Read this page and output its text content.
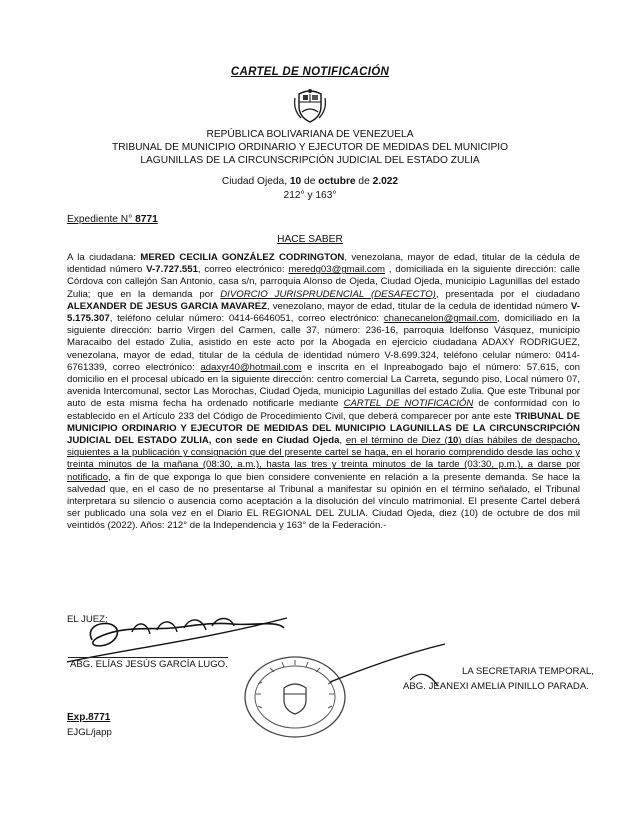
CARTEL DE NOTIFICACIÓN
REPÚBLICA BOLIVARIANA DE VENEZUELA
TRIBUNAL DE MUNICIPIO ORDINARIO Y EJECUTOR DE MEDIDAS DEL MUNICIPIO
LAGUNILLAS DE LA CIRCUNSCRIPCIÓN JUDICIAL DEL ESTADO ZULIA
Ciudad Ojeda, 10 de octubre de 2.022
212° y 163°
Expediente N° 8771
HACE SABER
A la ciudadana: MERED CECILIA GONZÁLEZ CODRINGTON, venezolana, mayor de edad, titular de la cédula de identidad número V-7.727.551, correo electrónico: meredg03@gmail.com , domiciliada en la siguiente dirección: calle Córdova con callejón San Antonio, casa s/n, parroquia Alonso de Ojeda, Ciudad Ojeda, municipio Lagunillas del estado Zulia; que en la demanda por DIVORCIO JURISPRUDENCIAL (DESAFECTO), presentada por el ciudadano ALEXANDER DE JESUS GARCIA MAVAREZ, venezolano, mayor de edad, titular de la cedula de identidad número V-5.175.307, teléfono celular número: 0414-6646051, correo electrónico: chanecanelon@gmail.com, domiciliado en la siguiente dirección: barrio Virgen del Carmen, calle 37, número: 236-16, parroquia Idelfonso Vásquez, municipio Maracaibo del estado Zulia, asistido en este acto por la Abogada en ejercicio ciudadana ADAXY RODRIGUEZ, venezolana, mayor de edad, titular de la cédula de identidad número V-8.699.324, teléfono celular número: 0414-6761339, correo electrónico: adaxyr40@hotmail.com e inscrita en el Inpreabogado bajo el número: 57.615, con domicilio en el procesal ubicado en la siguiente dirección: centro comercial La Carreta, segundo piso, Local número 07, avenida Intercomunal, sector Las Morochas, Ciudad Ojeda, municipio Lagunillas del estado Zulia. Que este Tribunal por auto de esta misma fecha ha ordenado notificarle mediante CARTEL DE NOTIFICACIÓN de conformidad con lo establecido en el Artículo 233 del Código de Procedimiento Civil, que deberá comparecer por ante este TRIBUNAL DE MUNICIPIO ORDINARIO Y EJECUTOR DE MEDIDAS DEL MUNICIPIO LAGUNILLAS DE LA CIRCUNSCRIPCIÓN JUDICIAL DEL ESTADO ZULIA, con sede en Ciudad Ojeda, en el término de Diez (10) días hábiles de despacho, siguientes a la publicación y consignación que del presente cartel se haga, en el horario comprendido desde las ocho y treinta minutos de la mañana (08:30, a.m.), hasta las tres y treinta minutos de la tarde (03:30, p.m.), a darse por notificado, a fin de que exponga lo que bien considere conveniente en relación a la presente demanda. Se hace la salvedad que, en el caso de no presentarse al Tribunal a manifestar su opinión en el término señalado, el Tribunal interpretara su silencio o ausencia como aceptación a la disolución del vínculo matrimonial. El presente Cartel deberá ser publicado una sola vez en el Diario EL REGIONAL DEL ZULIA. Ciudad Ojeda, diez (10) de octubre de dos mil veintidós (2022). Años: 212° de la Independencia y 163° de la Federación.-
EL JUEZ;
ABG. ELÍAS JESÚS GARCÍA LUGO.
LA SECRETARIA TEMPORAL,
ABG. JEANEXI AMELIA PINILLO PARADA.
Exp.8771
EJGL/japp
